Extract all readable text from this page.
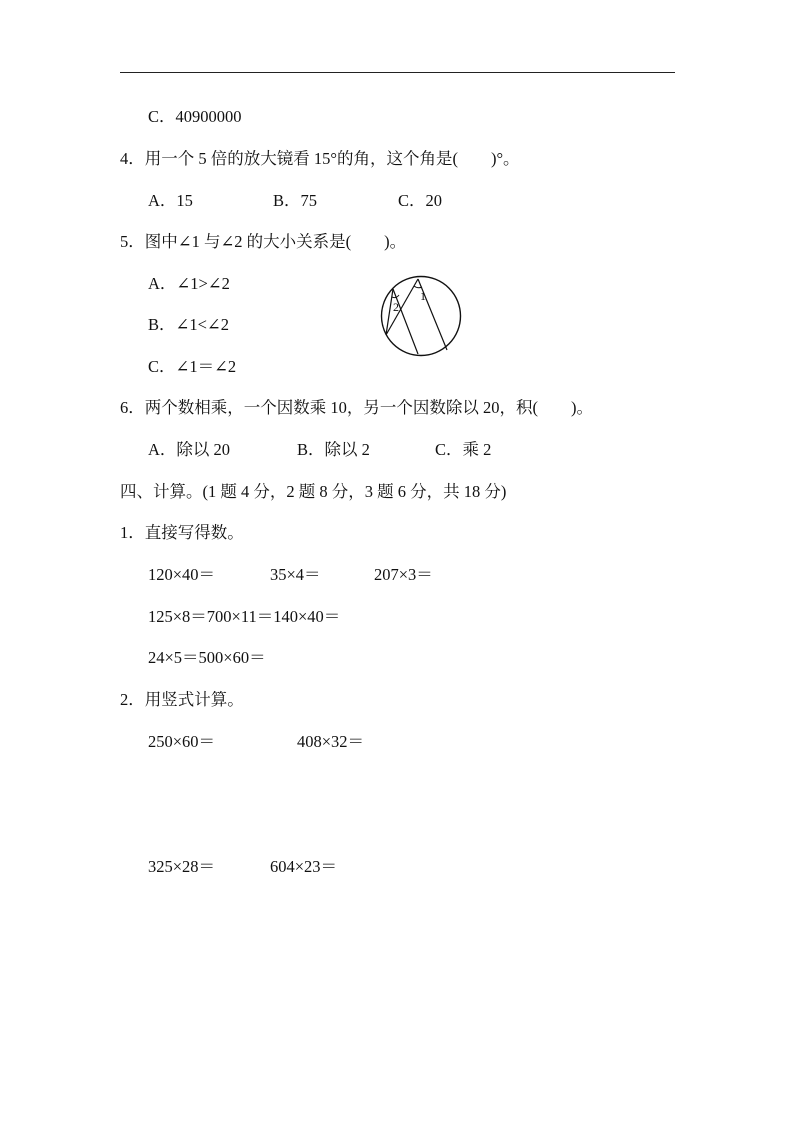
C．40900000
4．用一个 5 倍的放大镜看 15°的角，这个角是(　　)°。
A．15	B．75	C．20
5．图中∠1 与∠2 的大小关系是(　　)。
A．∠1>∠2
B．∠1<∠2
C．∠1＝∠2
1
2
6．两个数相乘，一个因数乘 10，另一个因数除以 20，积(　　)。
A．除以 20	B．除以 2	C．乘 2
四、计算。(1 题 4 分，2 题 8 分，3 题 6 分，共 18 分)
1．直接写得数。
120×40＝	35×4＝	207×3＝
125×8＝700×11＝140×40＝
24×5＝500×60＝
2．用竖式计算。
250×60＝	408×32＝
325×28＝	604×23＝
